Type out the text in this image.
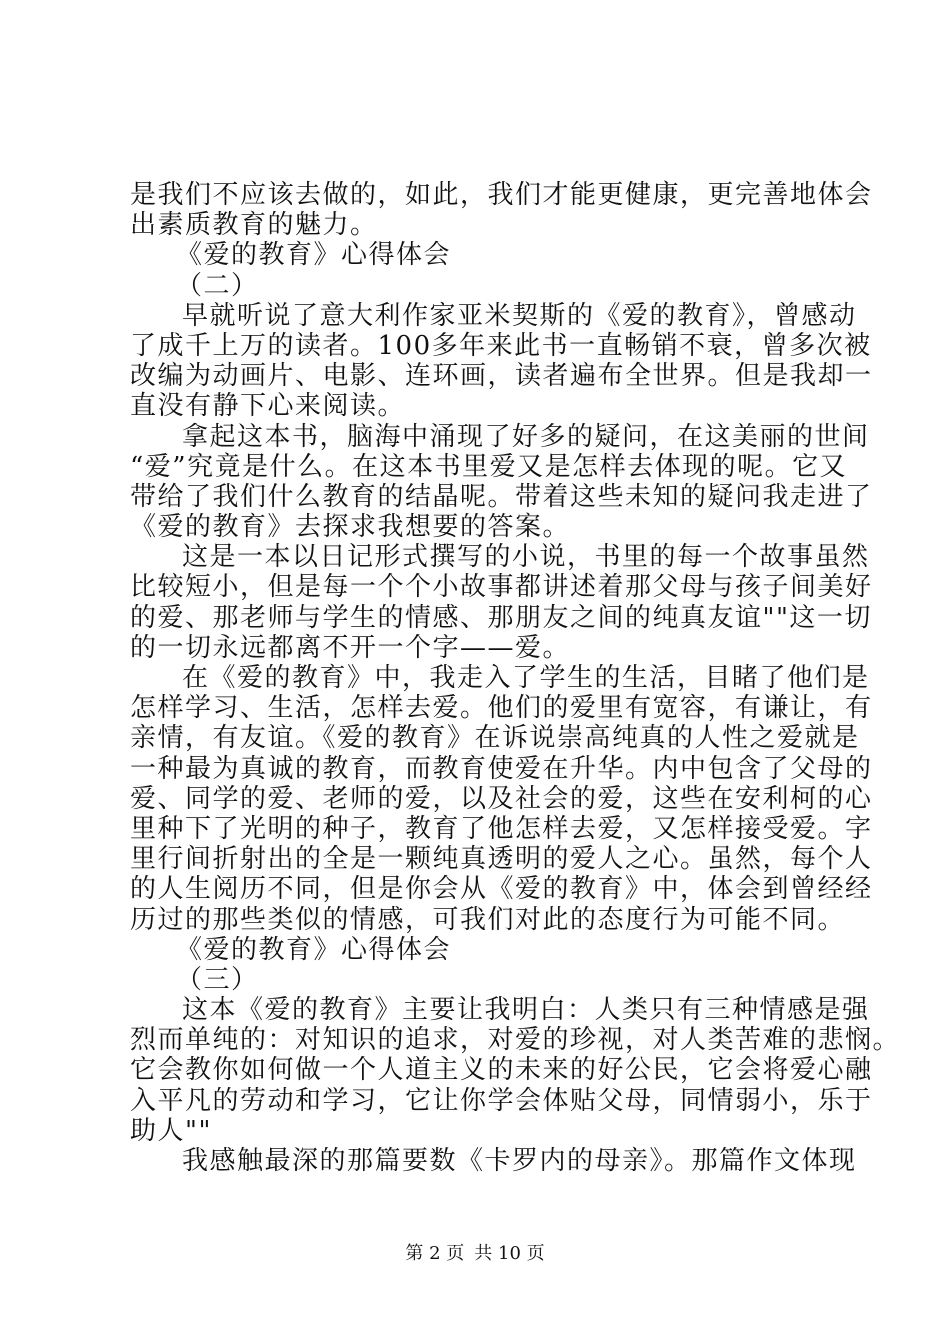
是我们不应该去做的，如此，我们才能更健康，更完善地体会
出素质教育的魅力。
《爱的教育》心得体会
（二）
早就听说了意大利作家亚米契斯的《爱的教育》，曾感动
了成千上万的读者。100多年来此书一直畅销不衰，曾多次被
改编为动画片、电影、连环画，读者遍布全世界。但是我却一
直没有静下心来阅读。
拿起这本书，脑海中涌现了好多的疑问，在这美丽的世间
“爱”究竟是什么。在这本书里爱又是怎样去体现的呢。它又
带给了我们什么教育的结晶呢。带着这些未知的疑问我走进了
《爱的教育》去探求我想要的答案。
这是一本以日记形式撰写的小说，书里的每一个故事虽然
比较短小，但是每一个个小故事都讲述着那父母与孩子间美好
的爱、那老师与学生的情感、那朋友之间的纯真友谊""这一切
的一切永远都离不开一个字——爱。
在《爱的教育》中，我走入了学生的生活，目睹了他们是
怎样学习、生活，怎样去爱。他们的爱里有宽容，有谦让，有
亲情，有友谊。《爱的教育》在诉说崇高纯真的人性之爱就是
一种最为真诚的教育，而教育使爱在升华。内中包含了父母的
爱、同学的爱、老师的爱，以及社会的爱，这些在安利柯的心
里种下了光明的种子，教育了他怎样去爱，又怎样接受爱。字
里行间折射出的全是一颗纯真透明的爱人之心。虽然，每个人
的人生阅历不同，但是你会从《爱的教育》中，体会到曾经经
历过的那些类似的情感，可我们对此的态度行为可能不同。
《爱的教育》心得体会
（三）
这本《爱的教育》主要让我明白：人类只有三种情感是强
烈而单纯的：对知识的追求，对爱的珍视，对人类苦难的悲悯。
它会教你如何做一个人道主义的未来的好公民，它会将爱心融
入平凡的劳动和学习，它让你学会体贴父母，同情弱小，乐于
助人""
我感触最深的那篇要数《卡罗内的母亲》。那篇作文体现
第 2 页 共 10 页
